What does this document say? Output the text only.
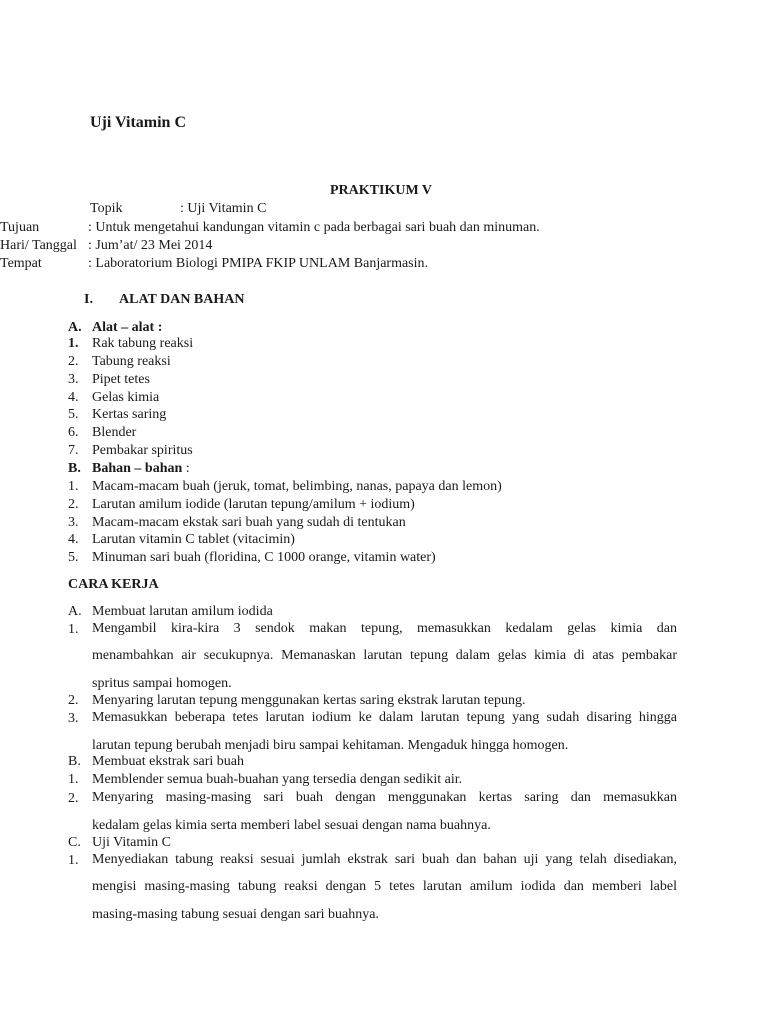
Uji Vitamin C
PRAKTIKUM V
Topik	: Uji Vitamin C
Tujuan	: Untuk mengetahui kandungan vitamin c pada berbagai sari buah dan minuman.
Hari/ Tanggal : Jum’at/ 23 Mei 2014
Tempat	: Laboratorium Biologi PMIPA FKIP UNLAM Banjarmasin.
I. ALAT DAN BAHAN
A. Alat – alat :
1. Rak tabung reaksi
2. Tabung reaksi
3. Pipet tetes
4. Gelas kimia
5. Kertas saring
6. Blender
7. Pembakar spiritus
B. Bahan – bahan :
1. Macam-macam buah (jeruk, tomat, belimbing, nanas, papaya dan lemon)
2. Larutan amilum iodide (larutan tepung/amilum + iodium)
3. Macam-macam ekstak sari buah yang sudah di tentukan
4. Larutan vitamin C tablet (vitacimin)
5. Minuman sari buah (floridina, C 1000 orange, vitamin water)
CARA KERJA
A. Membuat larutan amilum iodida
1. Mengambil kira-kira 3 sendok makan tepung, memasukkan kedalam gelas kimia dan
menambahkan air secukupnya. Memanaskan larutan tepung dalam gelas kimia di atas pembakar
spritus sampai homogen.
2. Menyaring larutan tepung menggunakan kertas saring ekstrak larutan tepung.
3. Memasukkan beberapa tetes larutan iodium ke dalam larutan tepung yang sudah disaring hingga
larutan tepung berubah menjadi biru sampai kehitaman. Mengaduk hingga homogen.
B. Membuat ekstrak sari buah
1. Memblender semua buah-buahan yang tersedia dengan sedikit air.
2. Menyaring masing-masing sari buah dengan menggunakan kertas saring dan memasukkan
kedalam gelas kimia serta memberi label sesuai dengan nama buahnya.
C. Uji Vitamin C
1. Menyediakan tabung reaksi sesuai jumlah ekstrak sari buah dan bahan uji yang telah disediakan,
mengisi masing-masing tabung reaksi dengan 5 tetes larutan amilum iodida dan memberi label
masing-masing tabung sesuai dengan sari buahnya.
